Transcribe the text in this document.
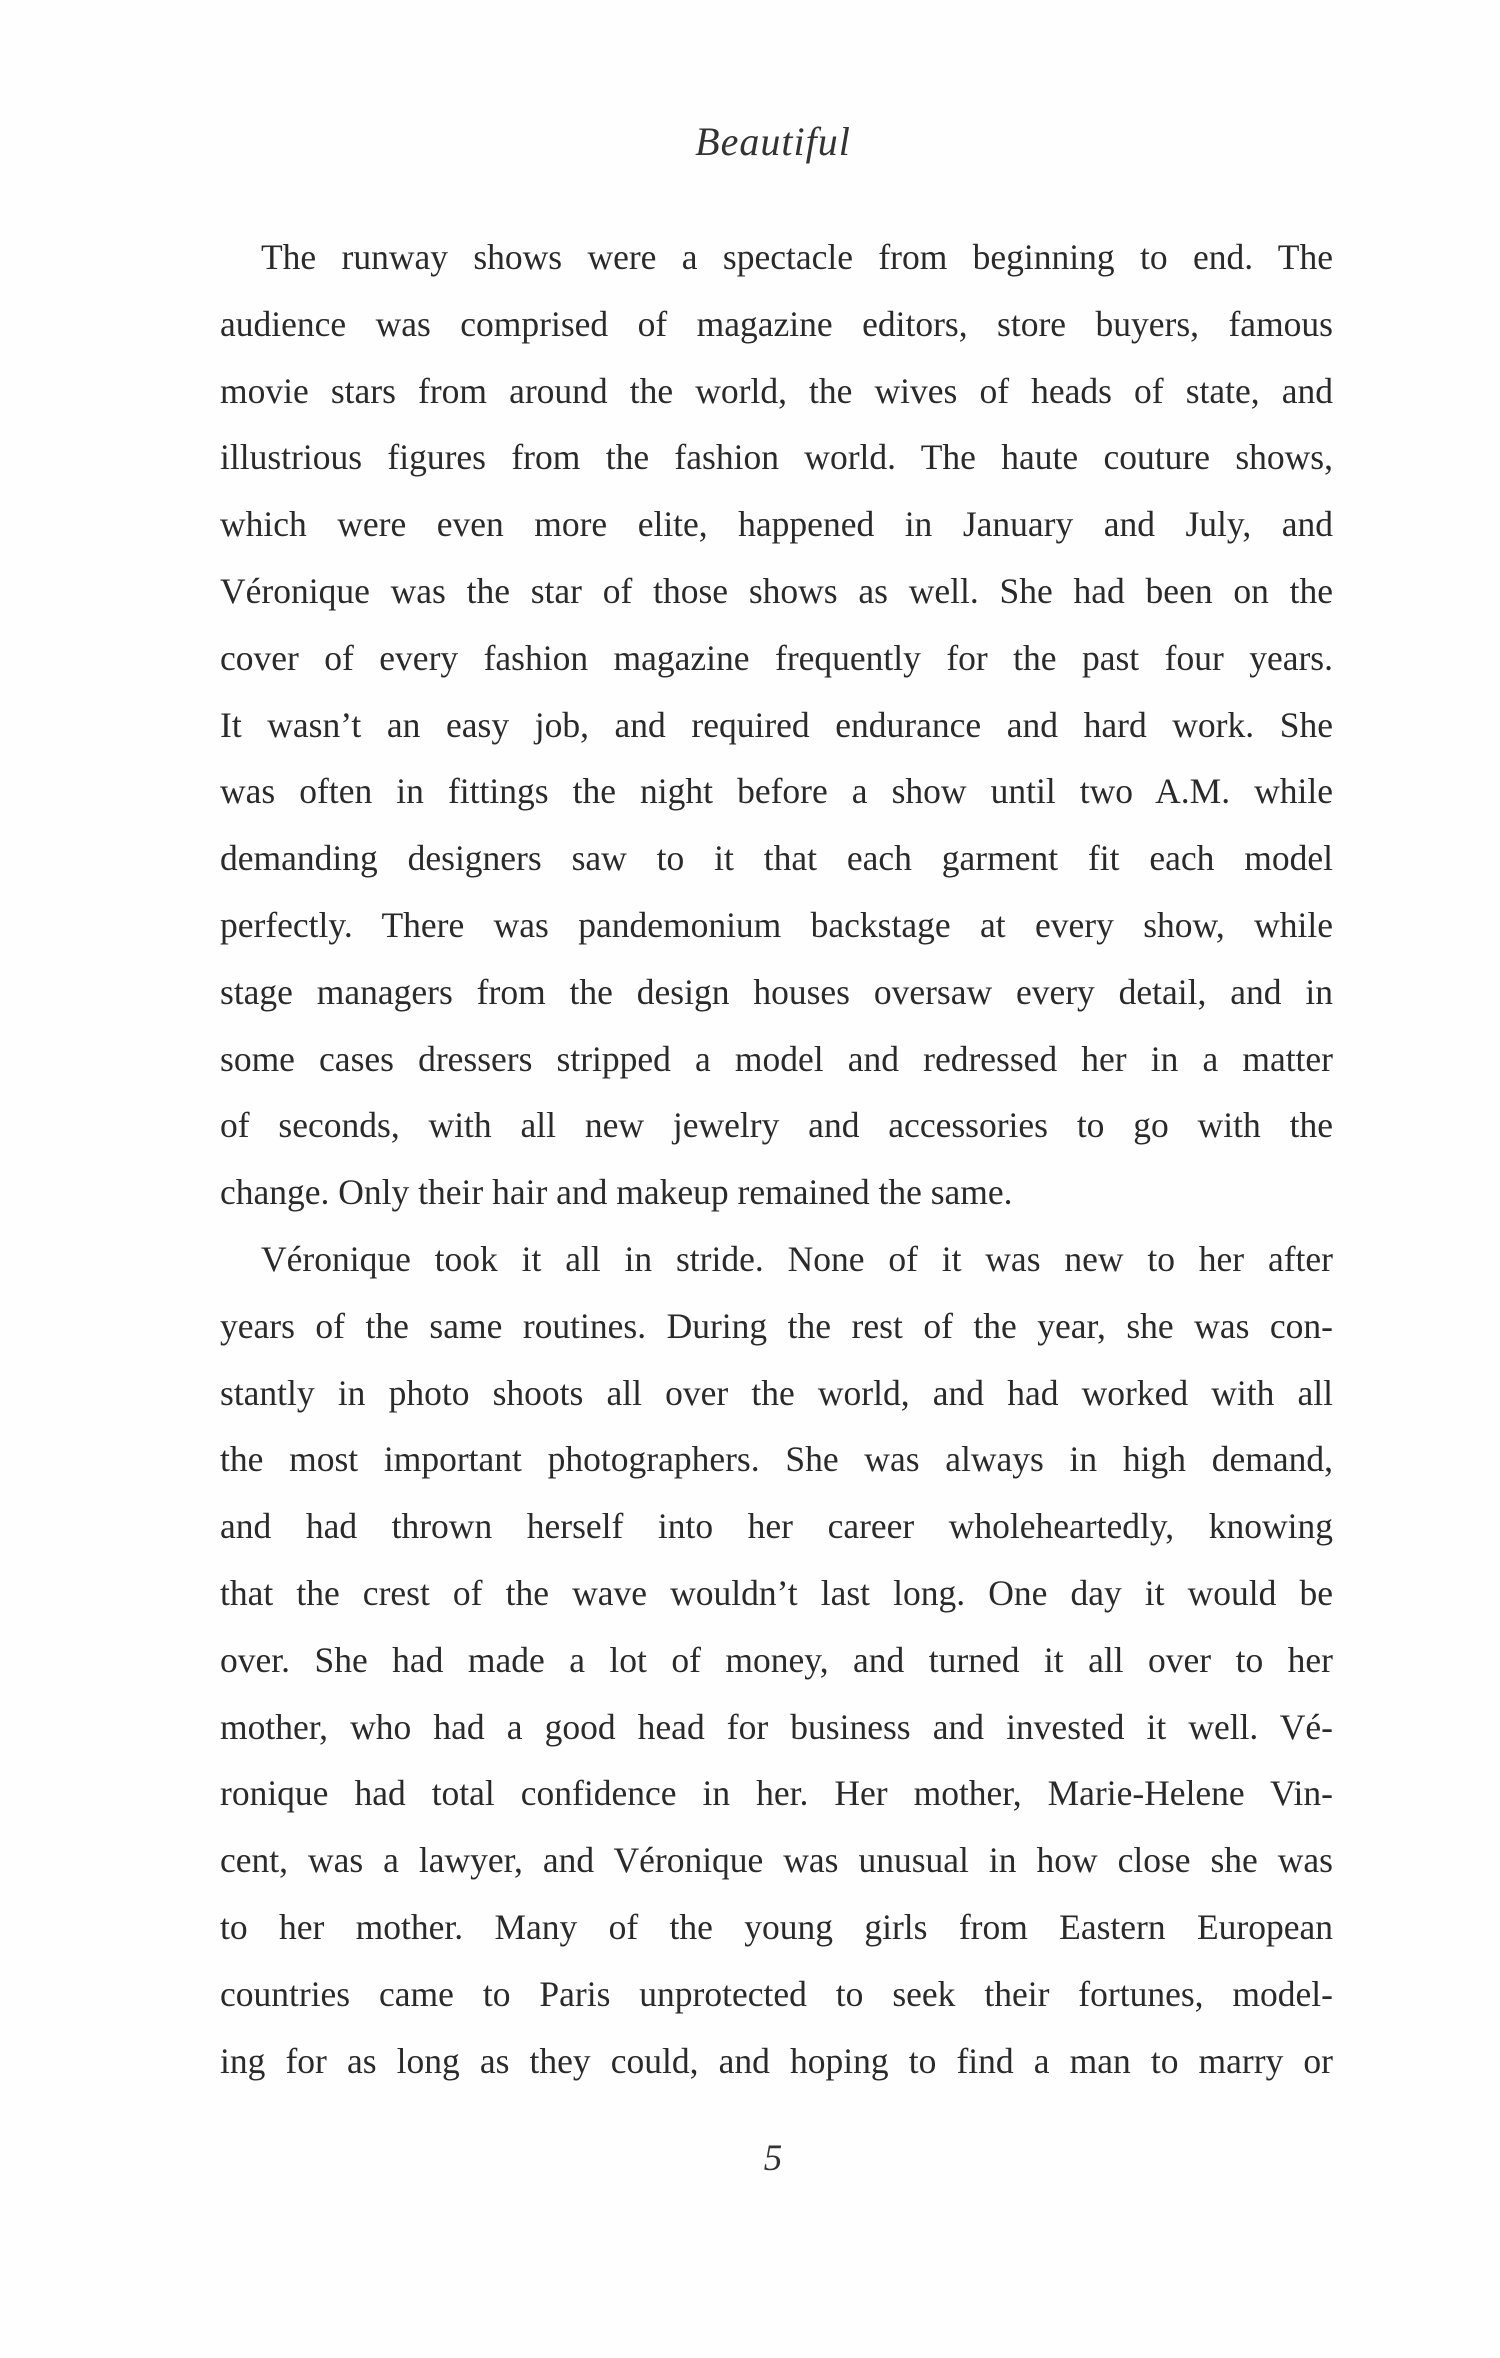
Beautiful
The runway shows were a spectacle from beginning to end. The
audience was comprised of magazine editors, store buyers, famous
movie stars from around the world, the wives of heads of state, and
illustrious figures from the fashion world. The haute couture shows,
which were even more elite, happened in January and July, and
Véronique was the star of those shows as well. She had been on the
cover of every fashion magazine frequently for the past four years.
It wasn’t an easy job, and required endurance and hard work. She
was often in fittings the night before a show until two A.M. while
demanding designers saw to it that each garment fit each model
perfectly. There was pandemonium backstage at every show, while
stage managers from the design houses oversaw every detail, and in
some cases dressers stripped a model and redressed her in a matter
of seconds, with all new jewelry and accessories to go with the
change. Only their hair and makeup remained the same.
Véronique took it all in stride. None of it was new to her after
years of the same routines. During the rest of the year, she was con-
stantly in photo shoots all over the world, and had worked with all
the most important photographers. She was always in high demand,
and had thrown herself into her career wholeheartedly, knowing
that the crest of the wave wouldn’t last long. One day it would be
over. She had made a lot of money, and turned it all over to her
mother, who had a good head for business and invested it well. Vé-
ronique had total confidence in her. Her mother, Marie-Helene Vin-
cent, was a lawyer, and Véronique was unusual in how close she was
to her mother. Many of the young girls from Eastern European
countries came to Paris unprotected to seek their fortunes, model-
ing for as long as they could, and hoping to find a man to marry or
5
